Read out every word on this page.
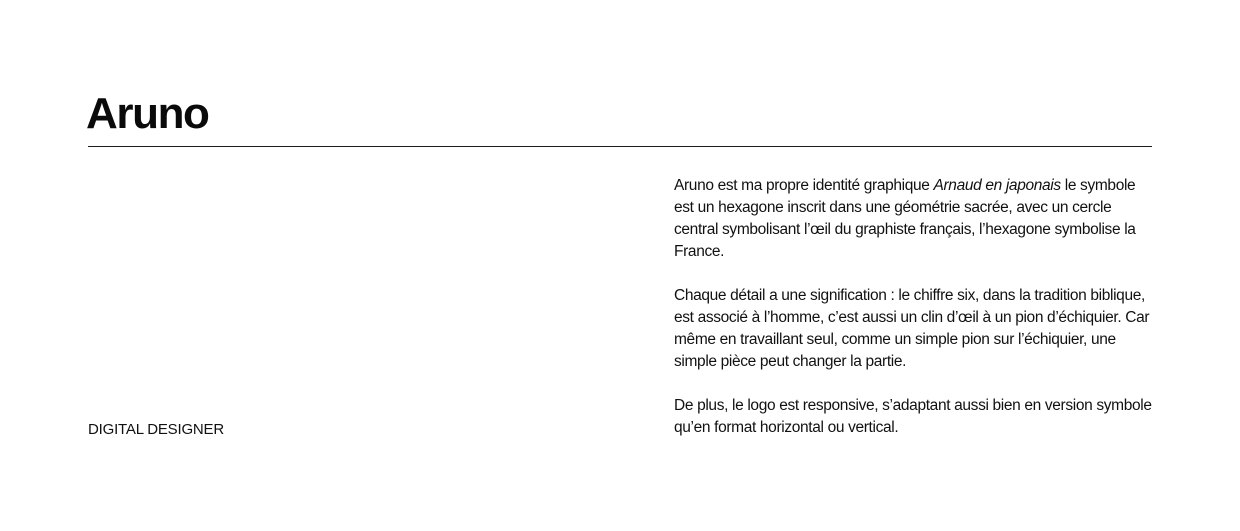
Aruno
DIGITAL DESIGNER

Aruno est ma propre identité graphique Arnaud en japonais le symbole est un hexagone inscrit dans une géométrie sacrée, avec un cercle central symbolisant l’œil du graphiste français, l’hexagone symbolise la France.

Chaque détail a une signification : le chiffre six, dans la tradition biblique, est associé à l’homme, c’est aussi un clin d’œil à un pion d’échiquier. Car même en travaillant seul, comme un simple pion sur l’échiquier, une simple pièce peut changer la partie.

De plus, le logo est responsive, s’adaptant aussi bien en version symbole qu’en format horizontal ou vertical.
